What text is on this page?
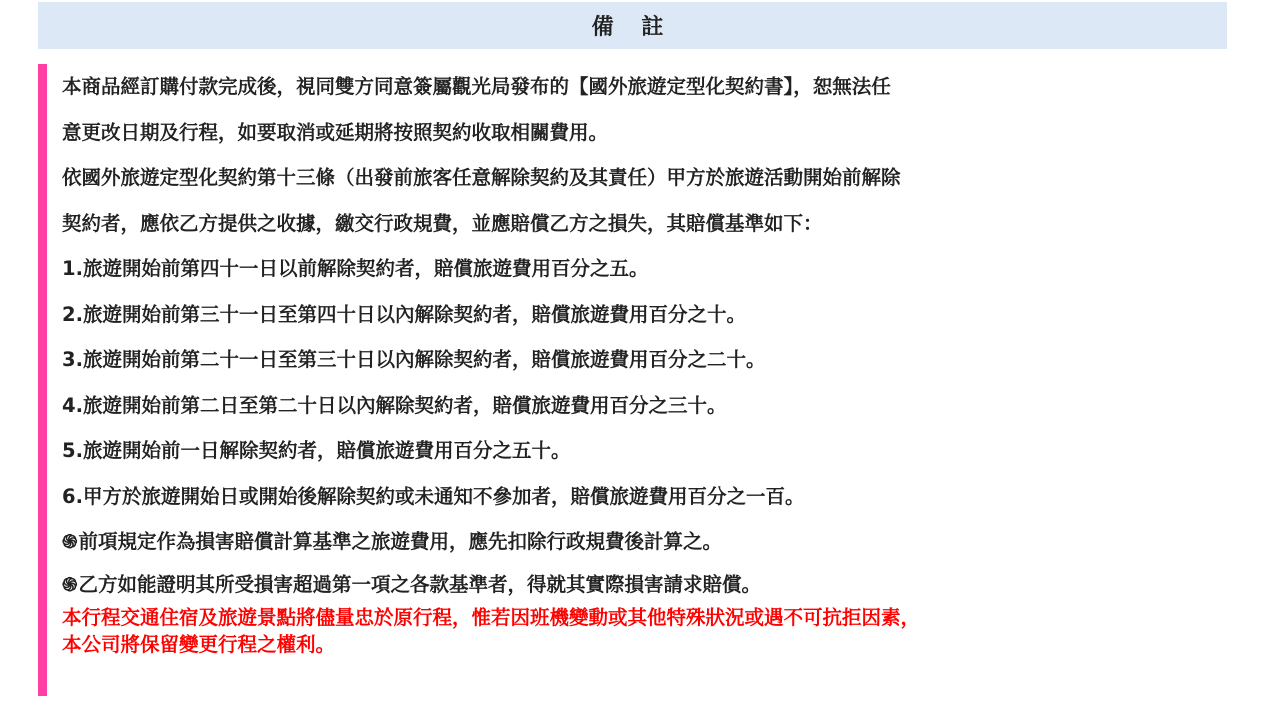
備 註

本商品經訂購付款完成後，視同雙方同意簽屬觀光局發布的【國外旅遊定型化契約書】，恕無法任

意更改日期及行程，如要取消或延期將按照契約收取相關費用。

依國外旅遊定型化契約第十三條（出發前旅客任意解除契約及其責任）甲方於旅遊活動開始前解除

契約者，應依乙方提供之收據，繳交行政規費，並應賠償乙方之損失，其賠償基準如下：

1.旅遊開始前第四十一日以前解除契約者，賠償旅遊費用百分之五。

2.旅遊開始前第三十一日至第四十日以內解除契約者，賠償旅遊費用百分之十。

3.旅遊開始前第二十一日至第三十日以內解除契約者，賠償旅遊費用百分之二十。

4.旅遊開始前第二日至第二十日以內解除契約者，賠償旅遊費用百分之三十。

5.旅遊開始前一日解除契約者，賠償旅遊費用百分之五十。

6.甲方於旅遊開始日或開始後解除契約或未通知不參加者，賠償旅遊費用百分之一百。

֍前項規定作為損害賠償計算基準之旅遊費用，應先扣除行政規費後計算之。

֍乙方如能證明其所受損害超過第一項之各款基準者，得就其實際損害請求賠償。

本行程交通住宿及旅遊景點將儘量忠於原行程，惟若因班機變動或其他特殊狀況或遇不可抗拒因素，

本公司將保留變更行程之權利。
